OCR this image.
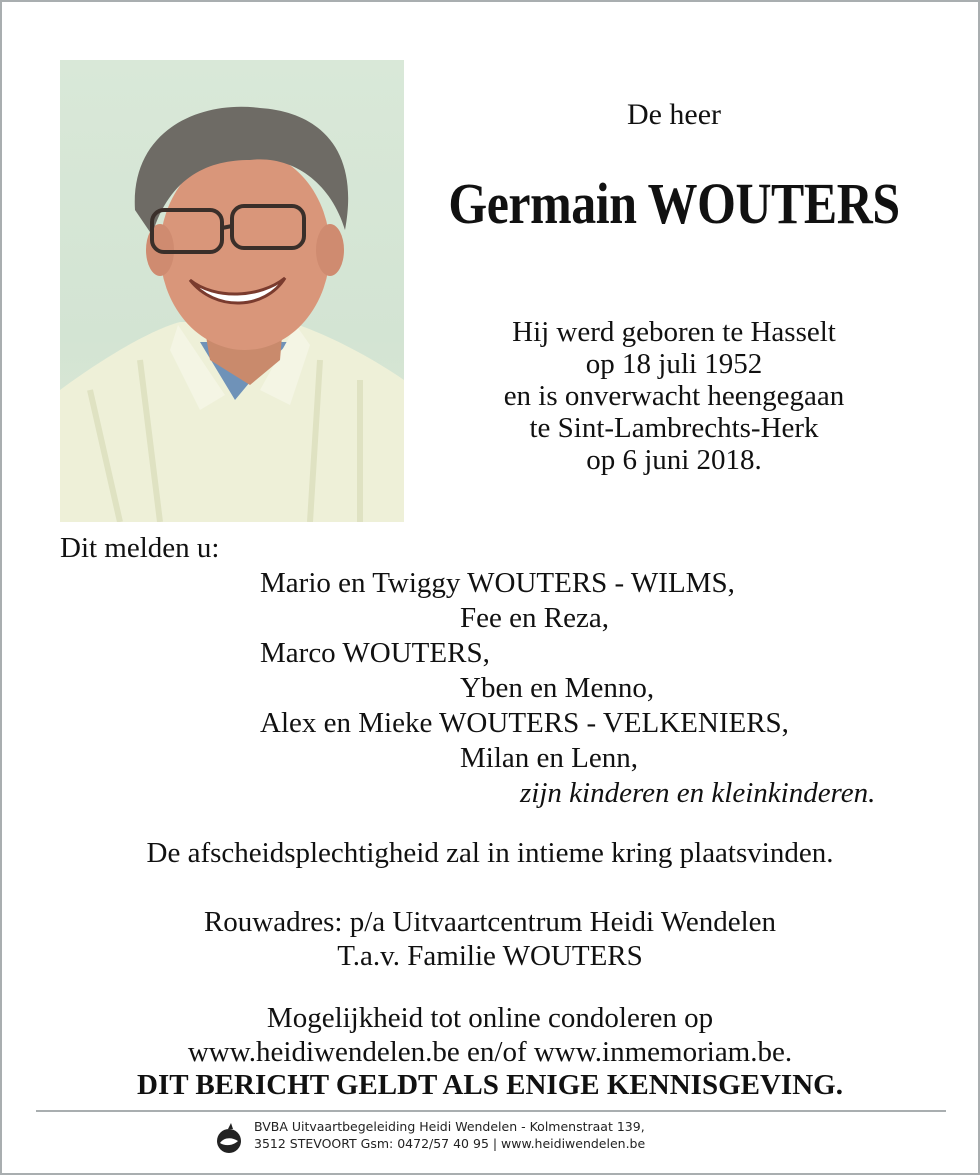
De heer
Germain WOUTERS
Hij werd geboren te Hasselt
op 18 juli 1952
en is onverwacht heengegaan
te Sint-Lambrechts-Herk
op 6 juni 2018.
Dit melden u:
Mario en Twiggy WOUTERS - WILMS,
Fee en Reza,
Marco WOUTERS,
Yben en Menno,
Alex en Mieke WOUTERS - VELKENIERS,
Milan en Lenn,
zijn kinderen en kleinkinderen.
De afscheidsplechtigheid zal in intieme kring plaatsvinden.
Rouwadres: p/a Uitvaartcentrum Heidi Wendelen
T.a.v. Familie WOUTERS
Mogelijkheid tot online condoleren op
www.heidiwendelen.be en/of www.inmemoriam.be.
DIT BERICHT GELDT ALS ENIGE KENNISGEVING.
BVBA Uitvaartbegeleiding Heidi Wendelen - Kolmenstraat 139,
3512 STEVOORT Gsm: 0472/57 40 95 | www.heidiwendelen.be
